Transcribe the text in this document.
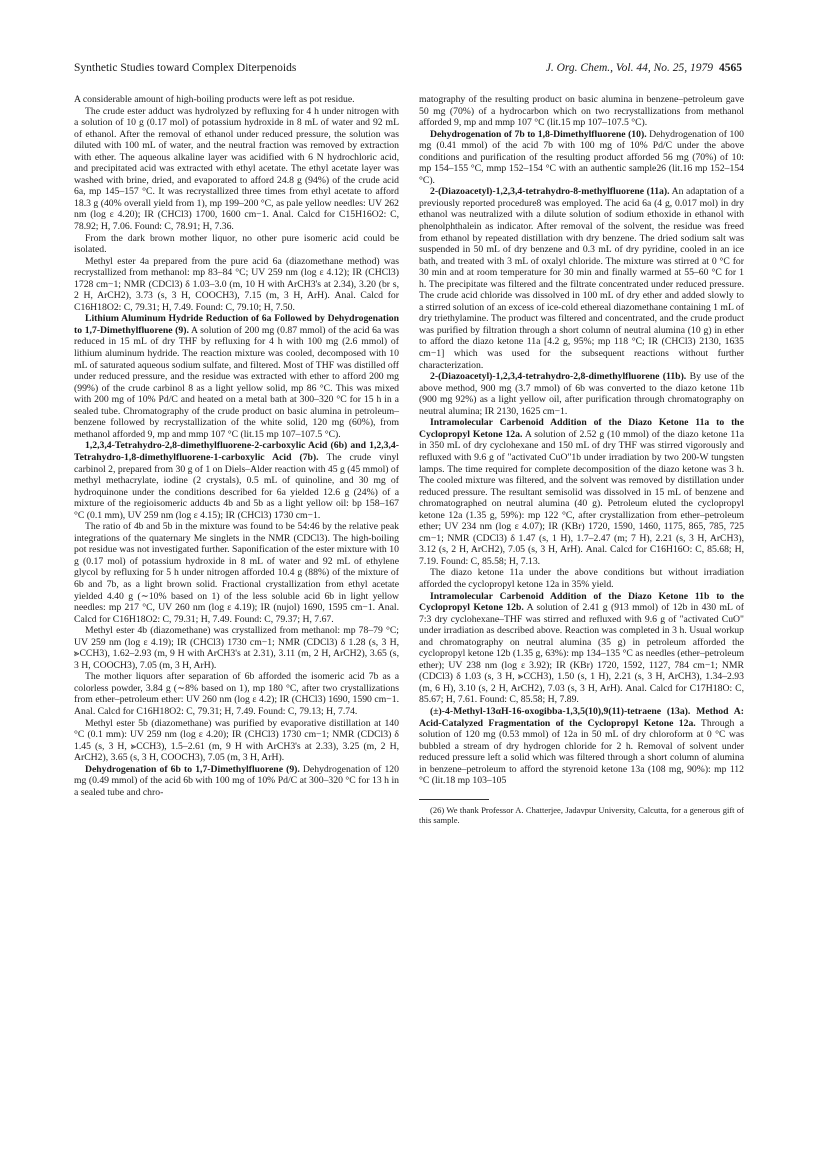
Synthetic Studies toward Complex Diterpenoids	J. Org. Chem., Vol. 44, No. 25, 1979 4565

A considerable amount of high-boiling products were left as pot residue.

The crude ester adduct was hydrolyzed by refluxing for 4 h under nitrogen with a solution of 10 g (0.17 mol) of potassium hydroxide in 8 mL of water and 92 mL of ethanol. After the removal of ethanol under reduced pressure, the solution was diluted with 100 mL of water, and the neutral fraction was removed by extraction with ether. The aqueous alkaline layer was acidified with 6 N hydrochloric acid, and precipitated acid was extracted with ethyl acetate. The ethyl acetate layer was washed with brine, dried, and evaporated to afford 24.8 g (94%) of the crude acid 6a, mp 145–157 °C. It was recrystallized three times from ethyl acetate to afford 18.3 g (40% overall yield from 1), mp 199–200 °C, as pale yellow needles: UV 262 nm (log ε 4.20); IR (CHCl3) 1700, 1600 cm−1. Anal. Calcd for C15H16O2: C, 78.92; H, 7.06. Found: C, 78.91; H, 7.36.

From the dark brown mother liquor, no other pure isomeric acid could be isolated.

Methyl ester 4a prepared from the pure acid 6a (diazomethane method) was recrystallized from methanol: mp 83–84 °C; UV 259 nm (log ε 4.12); IR (CHCl3) 1728 cm−1; NMR (CDCl3) δ 1.03–3.0 (m, 10 H with ArCH3's at 2.34), 3.20 (br s, 2 H, ArCH2), 3.73 (s, 3 H, COOCH3), 7.15 (m, 3 H, ArH). Anal. Calcd for C16H18O2: C, 79.31; H, 7.49. Found: C, 79.10; H, 7.50.

Lithium Aluminum Hydride Reduction of 6a Followed by Dehydrogenation to 1,7-Dimethylfluorene (9). A solution of 200 mg (0.87 mmol) of the acid 6a was reduced in 15 mL of dry THF by refluxing for 4 h with 100 mg (2.6 mmol) of lithium aluminum hydride. The reaction mixture was cooled, decomposed with 10 mL of saturated aqueous sodium sulfate, and filtered. Most of THF was distilled off under reduced pressure, and the residue was extracted with ether to afford 200 mg (99%) of the crude carbinol 8 as a light yellow solid, mp 86 °C. This was mixed with 200 mg of 10% Pd/C and heated on a metal bath at 300–320 °C for 15 h in a sealed tube. Chromatography of the crude product on basic alumina in petroleum–benzene followed by recrystallization of the white solid, 120 mg (60%), from methanol afforded 9, mp and mmp 107 °C (lit.15 mp 107–107.5 °C).

1,2,3,4-Tetrahydro-2,8-dimethylfluorene-2-carboxylic Acid (6b) and 1,2,3,4-Tetrahydro-1,8-dimethylfluorene-1-carboxylic Acid (7b). The crude vinyl carbinol 2, prepared from 30 g of 1 on Diels–Alder reaction with 45 g (45 mmol) of methyl methacrylate, iodine (2 crystals), 0.5 mL of quinoline, and 30 mg of hydroquinone under the conditions described for 6a yielded 12.6 g (24%) of a mixture of the regioisomeric adducts 4b and 5b as a light yellow oil: bp 158–167 °C (0.1 mm), UV 259 nm (log ε 4.15); IR (CHCl3) 1730 cm−1.

The ratio of 4b and 5b in the mixture was found to be 54:46 by the relative peak integrations of the quaternary Me singlets in the NMR (CDCl3). The high-boiling pot residue was not investigated further. Saponification of the ester mixture with 10 g (0.17 mol) of potassium hydroxide in 8 mL of water and 92 mL of ethylene glycol by refluxing for 5 h under nitrogen afforded 10.4 g (88%) of the mixture of 6b and 7b, as a light brown solid. Fractional crystallization from ethyl acetate yielded 4.40 g (∼10% based on 1) of the less soluble acid 6b in light yellow needles: mp 217 °C, UV 260 nm (log ε 4.19); IR (nujol) 1690, 1595 cm−1. Anal. Calcd for C16H18O2: C, 79.31; H, 7.49. Found: C, 79.37; H, 7.67.

Methyl ester 4b (diazomethane) was crystallized from methanol: mp 78–79 °C; UV 259 nm (log ε 4.19); IR (CHCl3) 1730 cm−1; NMR (CDCl3) δ 1.28 (s, 3 H, ⪢CCH3), 1.62–2.93 (m, 9 H with ArCH3's at 2.31), 3.11 (m, 2 H, ArCH2), 3.65 (s, 3 H, COOCH3), 7.05 (m, 3 H, ArH).

The mother liquors after separation of 6b afforded the isomeric acid 7b as a colorless powder, 3.84 g (∼8% based on 1), mp 180 °C, after two crystallizations from ether–petroleum ether: UV 260 nm (log ε 4.2); IR (CHCl3) 1690, 1590 cm−1. Anal. Calcd for C16H18O2: C, 79.31; H, 7.49. Found: C, 79.13; H, 7.74.

Methyl ester 5b (diazomethane) was purified by evaporative distillation at 140 °C (0.1 mm): UV 259 nm (log ε 4.20); IR (CHCl3) 1730 cm−1; NMR (CDCl3) δ 1.45 (s, 3 H, ⪢CCH3), 1.5–2.61 (m, 9 H with ArCH3's at 2.33), 3.25 (m, 2 H, ArCH2), 3.65 (s, 3 H, COOCH3), 7.05 (m, 3 H, ArH).

Dehydrogenation of 6b to 1,7-Dimethylfluorene (9). Dehydrogenation of 120 mg (0.49 mmol) of the acid 6b with 100 mg of 10% Pd/C at 300–320 °C for 13 h in a sealed tube and chro-

matography of the resulting product on basic alumina in benzene–petroleum gave 50 mg (70%) of a hydrocarbon which on two recrystallizations from methanol afforded 9, mp and mmp 107 °C (lit.15 mp 107–107.5 °C).

Dehydrogenation of 7b to 1,8-Dimethylfluorene (10). Dehydrogenation of 100 mg (0.41 mmol) of the acid 7b with 100 mg of 10% Pd/C under the above conditions and purification of the resulting product afforded 56 mg (70%) of 10: mp 154–155 °C, mmp 152–154 °C with an authentic sample26 (lit.16 mp 152–154 °C).

2-(Diazoacetyl)-1,2,3,4-tetrahydro-8-methylfluorene (11a). An adaptation of a previously reported procedure8 was employed. The acid 6a (4 g, 0.017 mol) in dry ethanol was neutralized with a dilute solution of sodium ethoxide in ethanol with phenolphthalein as indicator. After removal of the solvent, the residue was freed from ethanol by repeated distillation with dry benzene. The dried sodium salt was suspended in 50 mL of dry benzene and 0.3 mL of dry pyridine, cooled in an ice bath, and treated with 3 mL of oxalyl chloride. The mixture was stirred at 0 °C for 30 min and at room temperature for 30 min and finally warmed at 55–60 °C for 1 h. The precipitate was filtered and the filtrate concentrated under reduced pressure. The crude acid chloride was dissolved in 100 mL of dry ether and added slowly to a stirred solution of an excess of ice-cold ethereal diazomethane containing 1 mL of dry triethylamine. The product was filtered and concentrated, and the crude product was purified by filtration through a short column of neutral alumina (10 g) in ether to afford the diazo ketone 11a [4.2 g, 95%; mp 118 °C; IR (CHCl3) 2130, 1635 cm−1] which was used for the subsequent reactions without further characterization.

2-(Diazoacetyl)-1,2,3,4-tetrahydro-2,8-dimethylfluorene (11b). By use of the above method, 900 mg (3.7 mmol) of 6b was converted to the diazo ketone 11b (900 mg 92%) as a light yellow oil, after purification through chromatography on neutral alumina; IR 2130, 1625 cm−1.

Intramolecular Carbenoid Addition of the Diazo Ketone 11a to the Cyclopropyl Ketone 12a. A solution of 2.52 g (10 mmol) of the diazo ketone 11a in 350 mL of dry cyclohexane and 150 mL of dry THF was stirred vigorously and refluxed with 9.6 g of "activated CuO"1b under irradiation by two 200-W tungsten lamps. The time required for complete decomposition of the diazo ketone was 3 h. The cooled mixture was filtered, and the solvent was removed by distillation under reduced pressure. The resultant semisolid was dissolved in 15 mL of benzene and chromatographed on neutral alumina (40 g). Petroleum eluted the cyclopropyl ketone 12a (1.35 g, 59%): mp 122 °C, after crystallization from ether–petroleum ether; UV 234 nm (log ε 4.07); IR (KBr) 1720, 1590, 1460, 1175, 865, 785, 725 cm−1; NMR (CDCl3) δ 1.47 (s, 1 H), 1.7–2.47 (m; 7 H), 2.21 (s, 3 H, ArCH3), 3.12 (s, 2 H, ArCH2), 7.05 (s, 3 H, ArH). Anal. Calcd for C16H16O: C, 85.68; H, 7.19. Found: C, 85.58; H, 7.13.

The diazo ketone 11a under the above conditions but without irradiation afforded the cyclopropyl ketone 12a in 35% yield.

Intramolecular Carbenoid Addition of the Diazo Ketone 11b to the Cyclopropyl Ketone 12b. A solution of 2.41 g (913 mmol) of 12b in 430 mL of 7:3 dry cyclohexane–THF was stirred and refluxed with 9.6 g of "activated CuO" under irradiation as described above. Reaction was completed in 3 h. Usual workup and chromatography on neutral alumina (35 g) in petroleum afforded the cyclopropyl ketone 12b (1.35 g, 63%): mp 134–135 °C as needles (ether–petroleum ether); UV 238 nm (log ε 3.92); IR (KBr) 1720, 1592, 1127, 784 cm−1; NMR (CDCl3) δ 1.03 (s, 3 H, ⪢CCH3), 1.50 (s, 1 H), 2.21 (s, 3 H, ArCH3), 1.34–2.93 (m, 6 H), 3.10 (s, 2 H, ArCH2), 7.03 (s, 3 H, ArH). Anal. Calcd for C17H18O: C, 85.67; H, 7.61. Found: C, 85.58; H, 7.89.

(±)-4-Methyl-13αH-16-oxogibba-1,3,5(10),9(11)-tetraene (13a). Method A: Acid-Catalyzed Fragmentation of the Cyclopropyl Ketone 12a. Through a solution of 120 mg (0.53 mmol) of 12a in 50 mL of dry chloroform at 0 °C was bubbled a stream of dry hydrogen chloride for 2 h. Removal of solvent under reduced pressure left a solid which was filtered through a short column of alumina in benzene–petroleum to afford the styrenoid ketone 13a (108 mg, 90%): mp 112 °C (lit.18 mp 103–105

(26) We thank Professor A. Chatterjee, Jadavpur University, Calcutta, for a generous gift of this sample.
